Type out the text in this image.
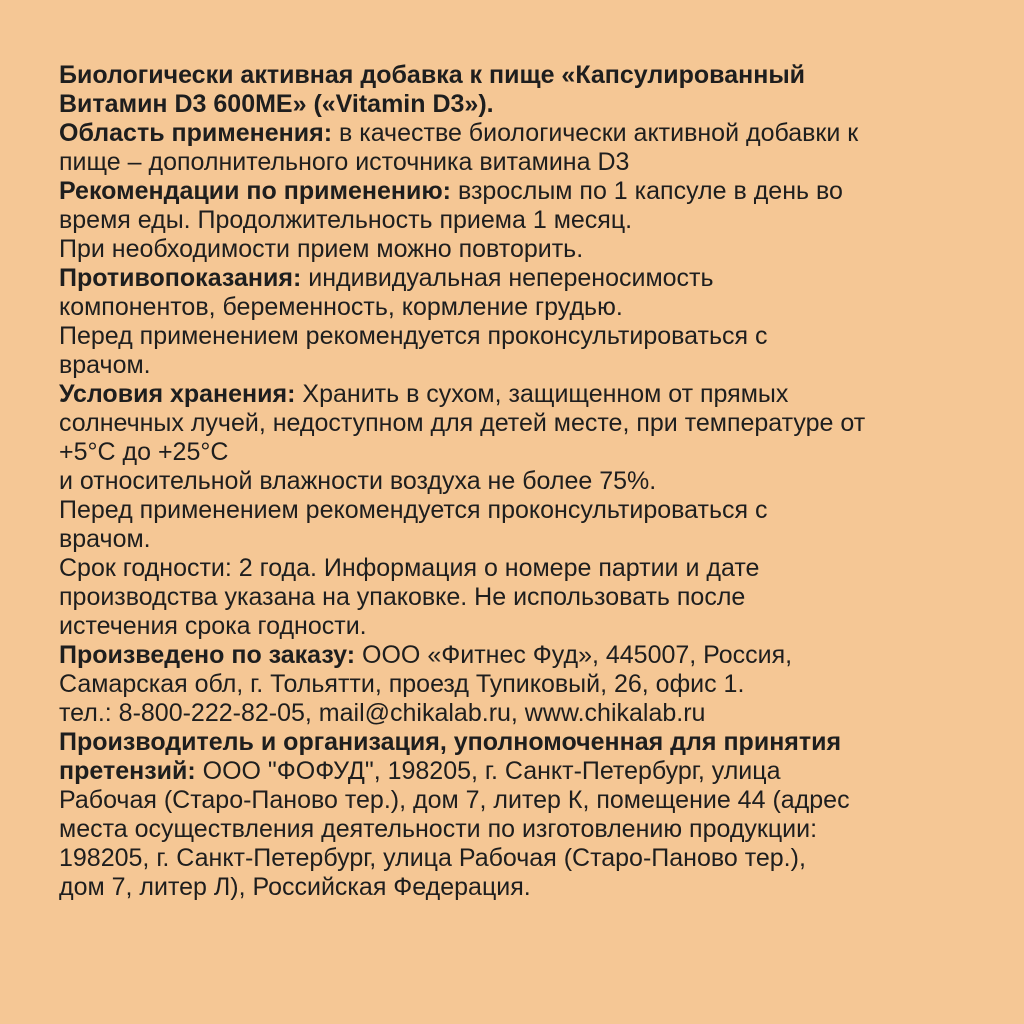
Биологически активная добавка к пище «Капсулированный
Витамин D3 600МЕ» («Vitamin D3»).
Область применения: в качестве биологически активной добавки к
пище – дополнительного источника витамина D3
Рекомендации по применению: взрослым по 1 капсуле в день во
время еды. Продолжительность приема 1 месяц.
При необходимости прием можно повторить.
Противопоказания: индивидуальная непереносимость
компонентов, беременность, кормление грудью.
Перед применением рекомендуется проконсультироваться с
врачом.
Условия хранения: Хранить в сухом, защищенном от прямых
солнечных лучей, недоступном для детей месте, при температуре от
+5°С до +25°С
и относительной влажности воздуха не более 75%.
Перед применением рекомендуется проконсультироваться с
врачом.
Срок годности: 2 года. Информация о номере партии и дате
производства указана на упаковке. Не использовать после
истечения срока годности.
Произведено по заказу: ООО «Фитнес Фуд», 445007, Россия,
Самарская обл, г. Тольятти, проезд Тупиковый, 26, офис 1.
тел.: 8-800-222-82-05, mail@chikalab.ru, www.chikalab.ru
Производитель и организация, уполномоченная для принятия
претензий: ООО "ФОФУД", 198205, г. Санкт-Петербург, улица
Рабочая (Старо-Паново тер.), дом 7, литер К, помещение 44 (адрес
места осуществления деятельности по изготовлению продукции:
198205, г. Санкт-Петербург, улица Рабочая (Старо-Паново тер.),
дом 7, литер Л), Российская Федерация.
